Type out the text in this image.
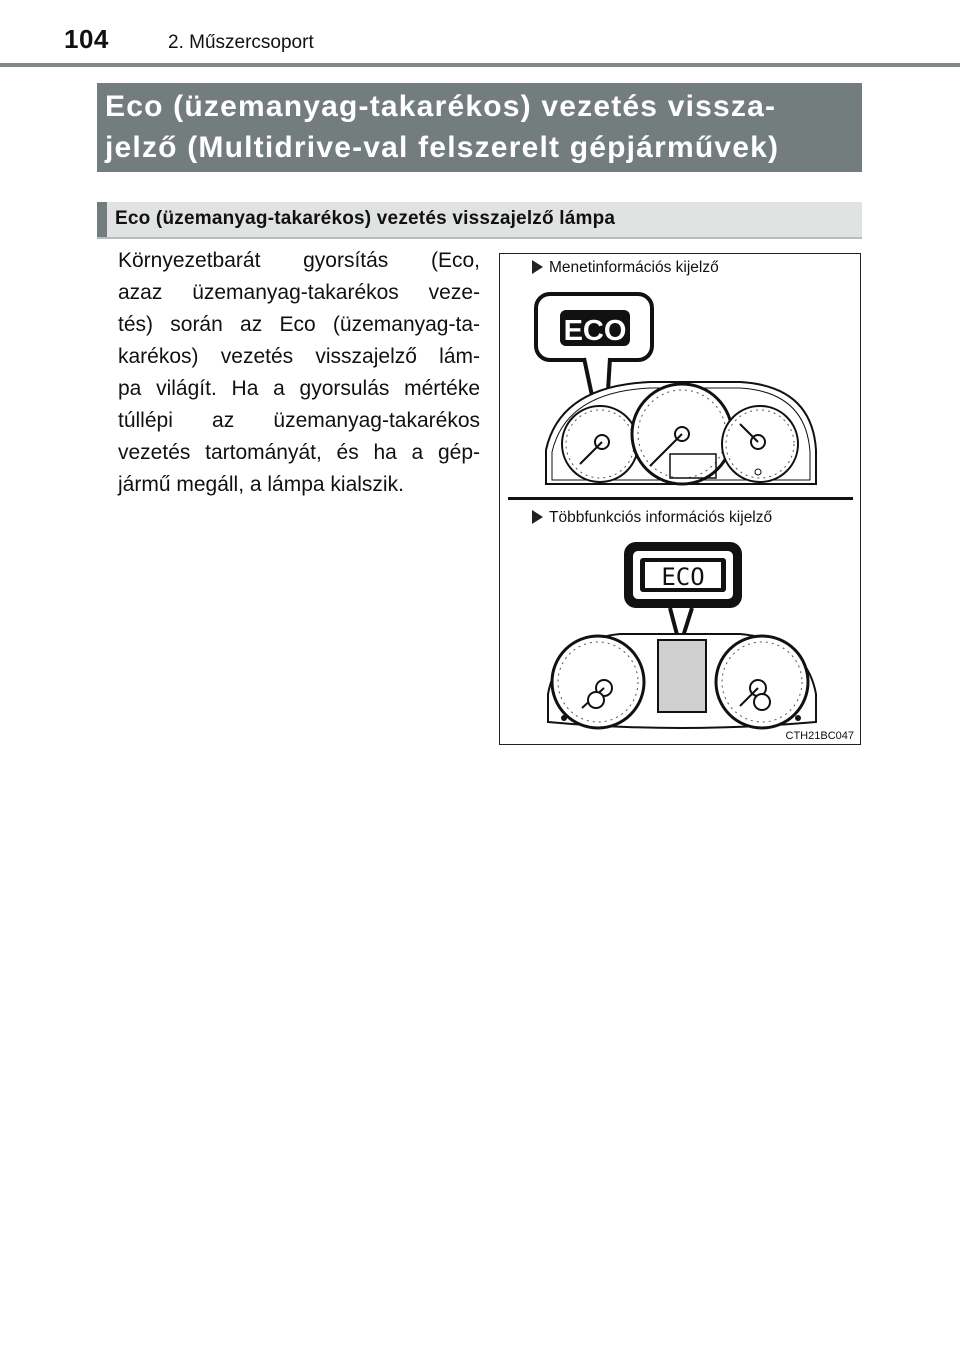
104	2. Műszercsoport
Eco (üzemanyag-takarékos) vezetés vissza-
jelző (Multidrive-val felszerelt gépjárművek)
Eco (üzemanyag-takarékos) vezetés visszajelző lámpa
Környezetbarát gyorsítás (Eco,
azaz üzemanyag-takarékos veze-
tés) során az Eco (üzemanyag-ta-
karékos) vezetés visszajelző lám-
pa világít. Ha a gyorsulás mértéke
túllépi az üzemanyag-takarékos
vezetés tartományát, és ha a gép-
jármű megáll, a lámpa kialszik.
Menetinformációs kijelző
ECO
Többfunkciós információs kijelző
ECO
CTH21BC047
